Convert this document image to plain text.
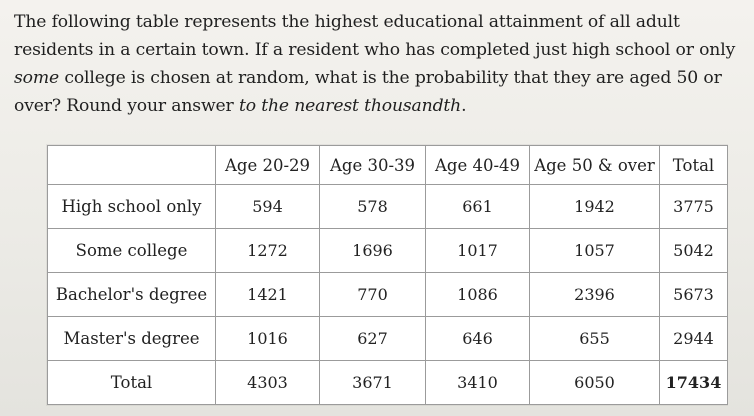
The following table represents the highest educational attainment of all adult residents in a certain town. If a resident who has completed just high school or only some college is chosen at random, what is the probability that they are aged 50 or over? Round your answer to the nearest thousandth.

	Age 20-29	Age 30-39	Age 40-49	Age 50 & over	Total
High school only	594	578	661	1942	3775
Some college	1272	1696	1017	1057	5042
Bachelor's degree	1421	770	1086	2396	5673
Master's degree	1016	627	646	655	2944
Total	4303	3671	3410	6050	17434
